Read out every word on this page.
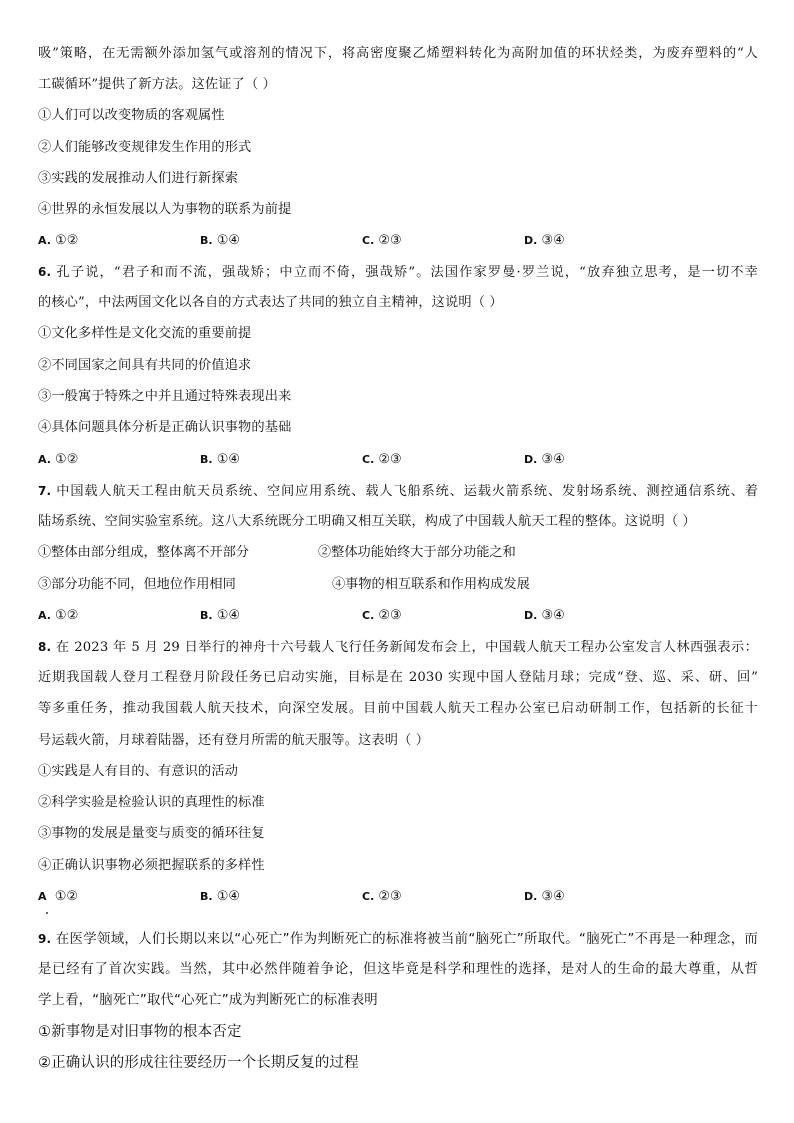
吸”策略，在无需额外添加氢气或溶剂的情况下，将高密度聚乙烯塑料转化为高附加值的环状烃类，为废弃塑料的“人
工碳循环”提供了新方法。这佐证了（ ）
①人们可以改变物质的客观属性
②人们能够改变规律发生作用的形式
③实践的发展推动人们进行新探索
④世界的永恒发展以人为事物的联系为前提
A. ①②	B. ①④	C. ②③	D. ③④
6. 孔子说，“君子和而不流，强哉矫；中立而不倚，强哉矫”。法国作家罗曼·罗兰说，“放弃独立思考，是一切不幸
的核心”，中法两国文化以各自的方式表达了共同的独立自主精神，这说明（ ）
①文化多样性是文化交流的重要前提
②不同国家之间具有共同的价值追求
③一般寓于特殊之中并且通过特殊表现出来
④具体问题具体分析是正确认识事物的基础
A. ①②	B. ①④	C. ②③	D. ③④
7. 中国载人航天工程由航天员系统、空间应用系统、载人飞船系统、运载火箭系统、发射场系统、测控通信系统、着
陆场系统、空间实验室系统。这八大系统既分工明确又相互关联，构成了中国载人航天工程的整体。这说明（ ）
①整体由部分组成，整体离不开部分	②整体功能始终大于部分功能之和
③部分功能不同，但地位作用相同	④事物的相互联系和作用构成发展
A. ①②	B. ①④	C. ②③	D. ③④
8. 在 2023 年 5 月 29 日举行的神舟十六号载人飞行任务新闻发布会上，中国载人航天工程办公室发言人林西强表示：
近期我国载人登月工程登月阶段任务已启动实施，目标是在 2030 实现中国人登陆月球；完成“登、巡、采、研、回”
等多重任务，推动我国载人航天技术，向深空发展。目前中国载人航天工程办公室已启动研制工作，包括新的长征十
号运载火箭，月球着陆器，还有登月所需的航天服等。这表明（ ）
①实践是人有目的、有意识的活动
②科学实验是检验认识的真理性的标准
③事物的发展是量变与质变的循环往复
④正确认识事物必须把握联系的多样性
A ①②	B. ①④	C. ②③	D. ③④
9. 在医学领域，人们长期以来以“心死亡”作为判断死亡的标准将被当前“脑死亡”所取代。“脑死亡”不再是一种理念，而
是已经有了首次实践。当然，其中必然伴随着争论，但这毕竟是科学和理性的选择，是对人的生命的最大尊重，从哲
学上看，“脑死亡”取代“心死亡”成为判断死亡的标准表明
①新事物是对旧事物的根本否定
②正确认识的形成往往要经历一个长期反复的过程
